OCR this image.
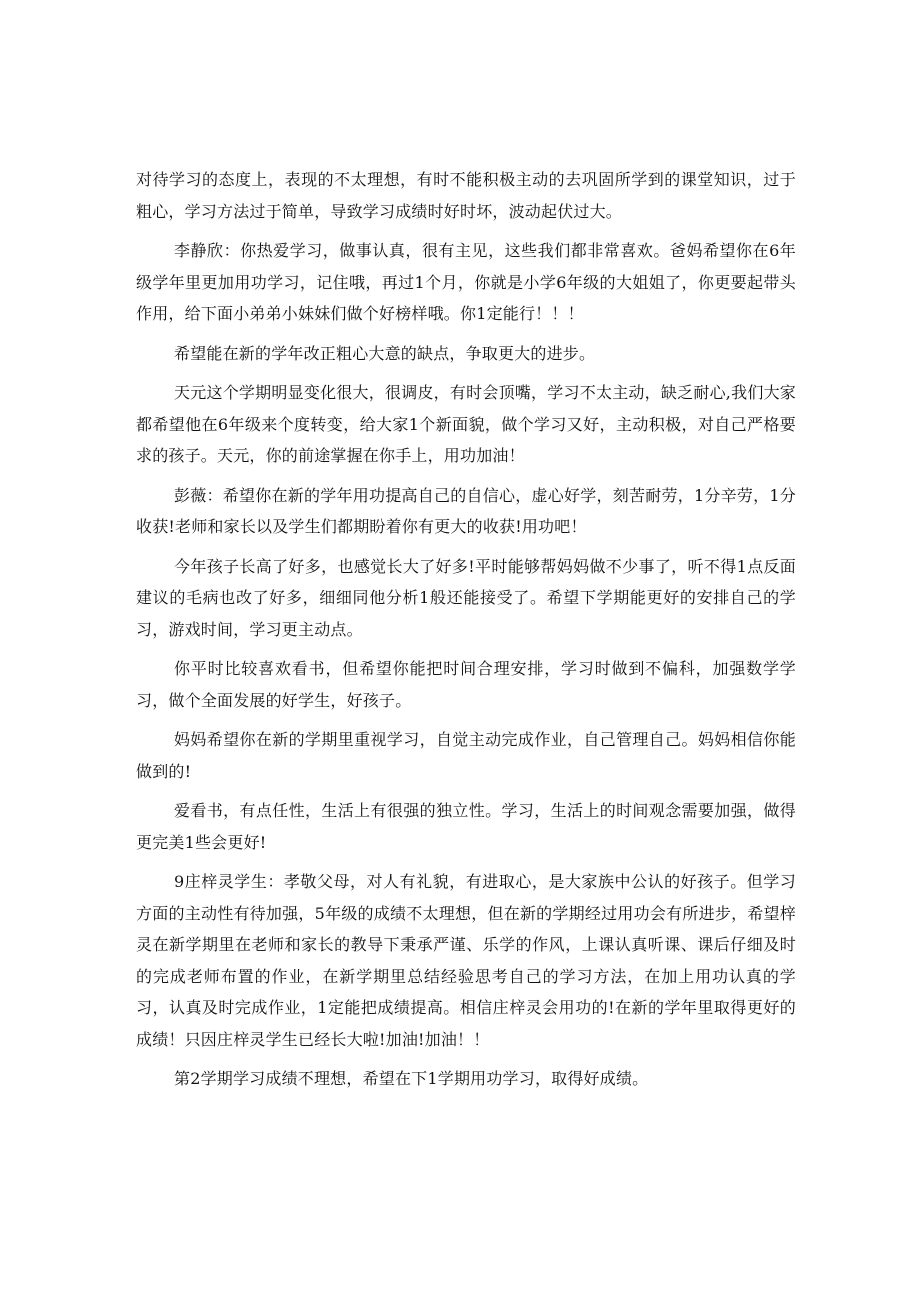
对待学习的态度上，表现的不太理想，有时不能积极主动的去巩固所学到的课堂知识，过于粗心，学习方法过于简单，导致学习成绩时好时坏，波动起伏过大。

李静欣：你热爱学习，做事认真，很有主见，这些我们都非常喜欢。爸妈希望你在6年级学年里更加用功学习，记住哦，再过1个月，你就是小学6年级的大姐姐了，你更要起带头作用，给下面小弟弟小妹妹们做个好榜样哦。你1定能行！！！

希望能在新的学年改正粗心大意的缺点，争取更大的进步。

天元这个学期明显变化很大，很调皮，有时会顶嘴，学习不太主动，缺乏耐心,我们大家都希望他在6年级来个度转变，给大家1个新面貌，做个学习又好，主动积极，对自己严格要求的孩子。天元，你的前途掌握在你手上，用功加油！

彭薇：希望你在新的学年用功提高自己的自信心，虚心好学，刻苦耐劳，1分辛劳，1分收获!老师和家长以及学生们都期盼着你有更大的收获!用功吧！

今年孩子长高了好多，也感觉长大了好多!平时能够帮妈妈做不少事了，听不得1点反面建议的毛病也改了好多，细细同他分析1般还能接受了。希望下学期能更好的安排自己的学习，游戏时间，学习更主动点。

你平时比较喜欢看书，但希望你能把时间合理安排，学习时做到不偏科，加强数学学习，做个全面发展的好学生，好孩子。

妈妈希望你在新的学期里重视学习，自觉主动完成作业，自己管理自己。妈妈相信你能做到的!

爱看书，有点任性，生活上有很强的独立性。学习，生活上的时间观念需要加强，做得更完美1些会更好!

9庄梓灵学生：孝敬父母，对人有礼貌，有进取心，是大家族中公认的好孩子。但学习方面的主动性有待加强，5年级的成绩不太理想，但在新的学期经过用功会有所进步，希望梓灵在新学期里在老师和家长的教导下秉承严谨、乐学的作风，上课认真听课、课后仔细及时的完成老师布置的作业，在新学期里总结经验思考自己的学习方法，在加上用功认真的学习，认真及时完成作业，1定能把成绩提高。相信庄梓灵会用功的!在新的学年里取得更好的成绩！只因庄梓灵学生已经长大啦!加油!加油！！

第2学期学习成绩不理想，希望在下1学期用功学习，取得好成绩。
